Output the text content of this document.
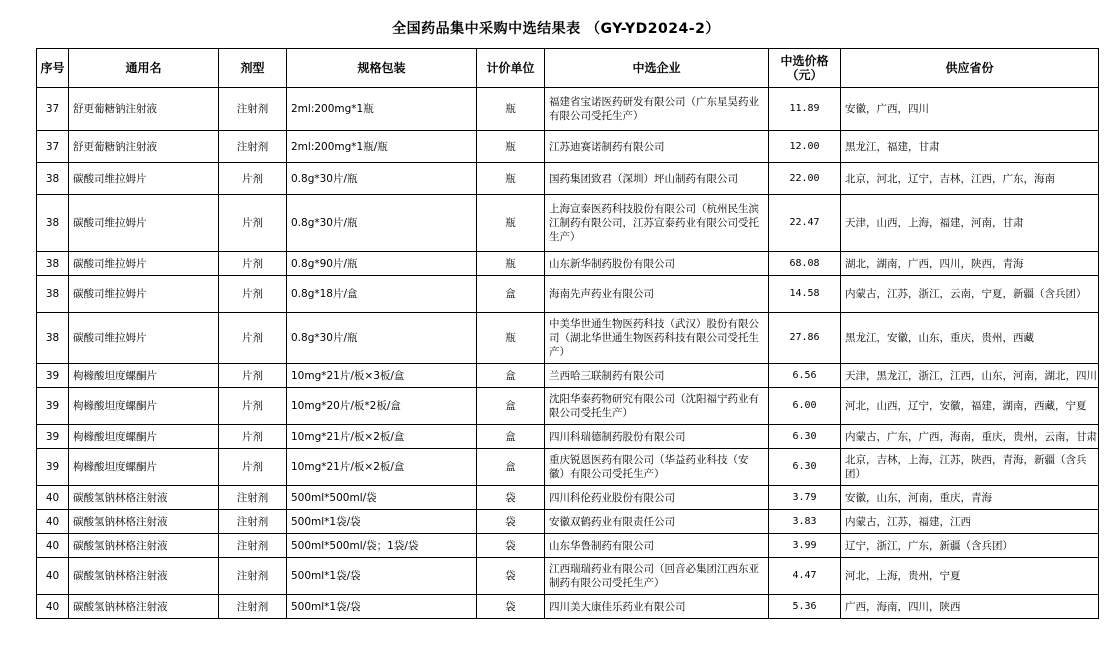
全国药品集中采购中选结果表 （GY-YD2024-2）
序号	通用名	剂型	规格包装	计价单位	中选企业	中选价格（元）	供应省份
37	舒更葡糖钠注射液	注射剂	2ml:200mg*1瓶	瓶	福建省宝诺医药研发有限公司（广东星昊药业有限公司受托生产）	11.89	安徽，广西，四川
37	舒更葡糖钠注射液	注射剂	2ml:200mg*1瓶/瓶	瓶	江苏迪赛诺制药有限公司	12.00	黑龙江，福建，甘肃
38	碳酸司维拉姆片	片剂	0.8g*30片/瓶	瓶	国药集团致君（深圳）坪山制药有限公司	22.00	北京，河北，辽宁，吉林，江西，广东，海南
38	碳酸司维拉姆片	片剂	0.8g*30片/瓶	瓶	上海宣泰医药科技股份有限公司（杭州民生滨江制药有限公司，江苏宣泰药业有限公司受托生产）	22.47	天津，山西，上海，福建，河南，甘肃
38	碳酸司维拉姆片	片剂	0.8g*90片/瓶	瓶	山东新华制药股份有限公司	68.08	湖北，湖南，广西，四川，陕西，青海
38	碳酸司维拉姆片	片剂	0.8g*18片/盒	盒	海南先声药业有限公司	14.58	内蒙古，江苏，浙江，云南，宁夏，新疆（含兵团）
38	碳酸司维拉姆片	片剂	0.8g*30片/瓶	瓶	中美华世通生物医药科技（武汉）股份有限公司（湖北华世通生物医药科技有限公司受托生产）	27.86	黑龙江，安徽，山东，重庆，贵州，西藏
39	枸橼酸坦度螺酮片	片剂	10mg*21片/板×3板/盒	盒	兰西哈三联制药有限公司	6.56	天津，黑龙江，浙江，江西，山东，河南，湖北，四川
39	枸橼酸坦度螺酮片	片剂	10mg*20片/板*2板/盒	盒	沈阳华泰药物研究有限公司（沈阳福宁药业有限公司受托生产）	6.00	河北，山西，辽宁，安徽，福建，湖南，西藏，宁夏
39	枸橼酸坦度螺酮片	片剂	10mg*21片/板×2板/盒	盒	四川科瑞德制药股份有限公司	6.30	内蒙古，广东，广西，海南，重庆，贵州，云南，甘肃
39	枸橼酸坦度螺酮片	片剂	10mg*21片/板×2板/盒	盒	重庆锐恩医药有限公司（华益药业科技（安徽）有限公司受托生产）	6.30	北京，吉林，上海，江苏，陕西，青海，新疆（含兵团）
40	碳酸氢钠林格注射液	注射剂	500ml*500ml/袋	袋	四川科伦药业股份有限公司	3.79	安徽，山东，河南，重庆，青海
40	碳酸氢钠林格注射液	注射剂	500ml*1袋/袋	袋	安徽双鹤药业有限责任公司	3.83	内蒙古，江苏，福建，江西
40	碳酸氢钠林格注射液	注射剂	500ml*500ml/袋；1袋/袋	袋	山东华鲁制药有限公司	3.99	辽宁，浙江，广东，新疆（含兵团）
40	碳酸氢钠林格注射液	注射剂	500ml*1袋/袋	袋	江西瑞瑞药业有限公司（回音必集团江西东亚制药有限公司受托生产）	4.47	河北，上海，贵州，宁夏
40	碳酸氢钠林格注射液	注射剂	500ml*1袋/袋	袋	四川美大康佳乐药业有限公司	5.36	广西，海南，四川，陕西
